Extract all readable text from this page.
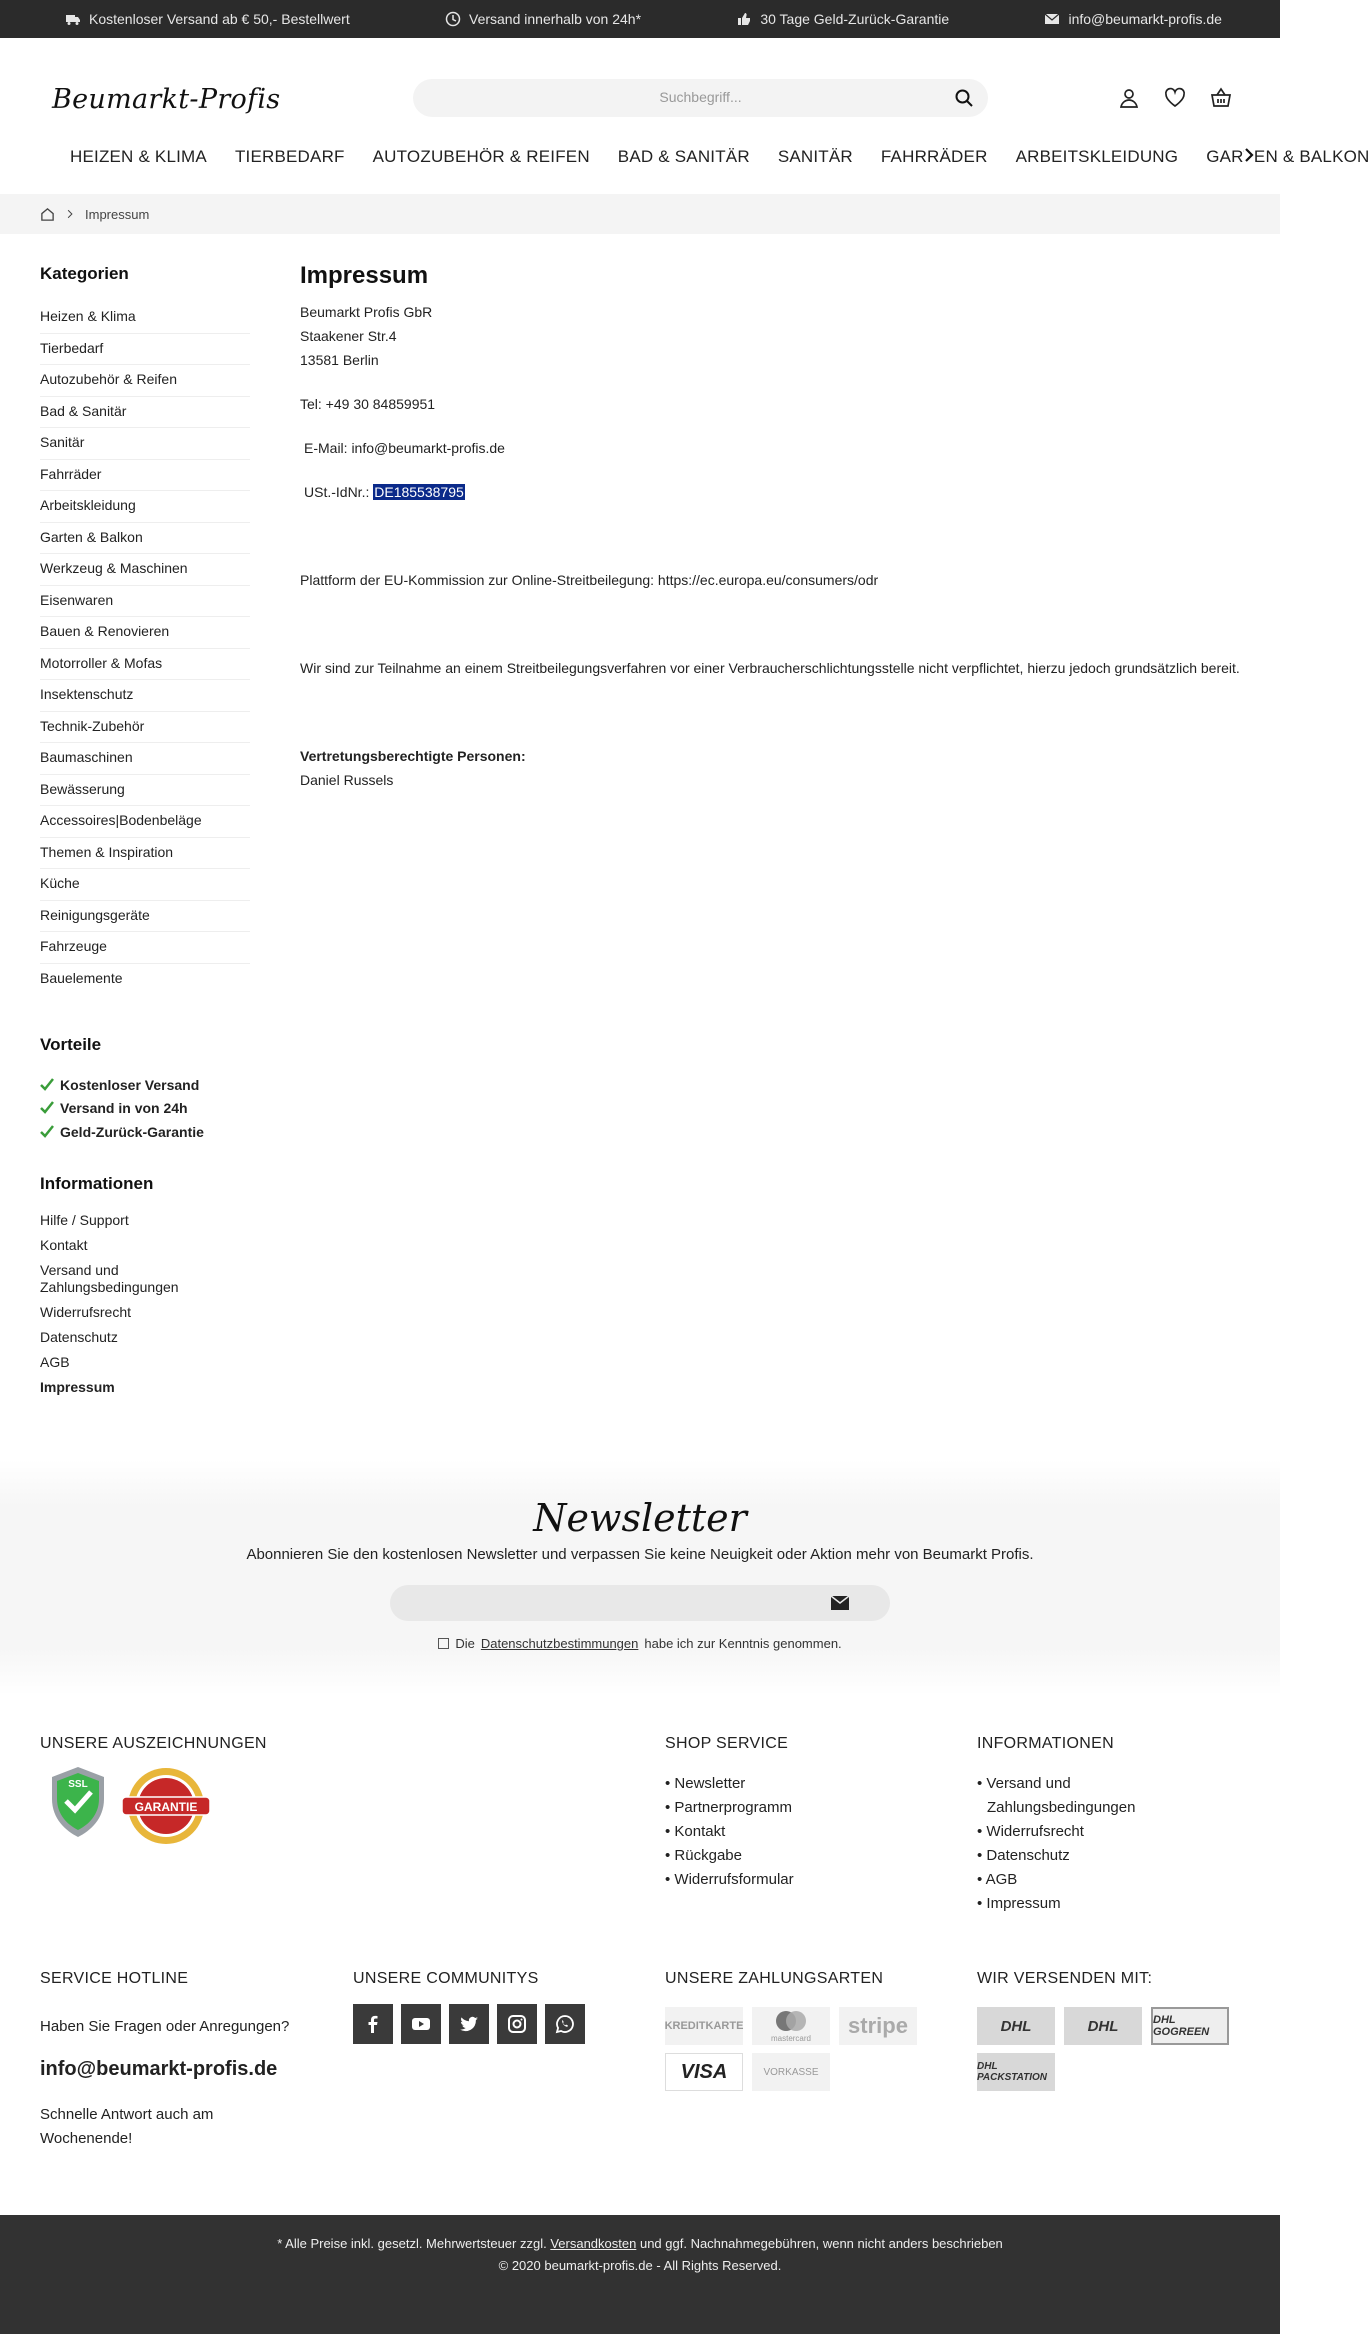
Kostenloser Versand ab € 50,- Bestellwert	Versand innerhalb von 24h*	30 Tage Geld-Zurück-Garantie	info@beumarkt-profis.de
Beumarkt-Profis	Suchbegriff...
HEIZEN & KLIMA TIERBEDARF AUTOZUBEHÖR & REIFEN BAD & SANITÄR SANITÄR FAHRRÄDER ARBEITSKLEIDUNG GARTEN & BALKON
Impressum
Kategorien
Heizen & Klima
Tierbedarf
Autozubehör & Reifen
Bad & Sanitär
Sanitär
Fahrräder
Arbeitskleidung
Garten & Balkon
Werkzeug & Maschinen
Eisenwaren
Bauen & Renovieren
Motorroller & Mofas
Insektenschutz
Technik-Zubehör
Baumaschinen
Bewässerung
Accessoires|Bodenbeläge
Themen & Inspiration
Küche
Reinigungsgeräte
Fahrzeuge
Bauelemente
Vorteile
Kostenloser Versand
Versand in von 24h
Geld-Zurück-Garantie
Informationen
Hilfe / Support
Kontakt
Versand und Zahlungsbedingungen
Widerrufsrecht
Datenschutz
AGB
Impressum
Impressum
Beumarkt Profis GbR
Staakener Str.4
13581 Berlin
Tel: +49 30 84859951
E-Mail: info@beumarkt-profis.de
USt.-IdNr.: DE185538795
Plattform der EU-Kommission zur Online-Streitbeilegung: https://ec.europa.eu/consumers/odr
Wir sind zur Teilnahme an einem Streitbeilegungsverfahren vor einer Verbraucherschlichtungsstelle nicht verpflichtet, hierzu jedoch grundsätzlich bereit.
Vertretungsberechtigte Personen:
Daniel Russels
Newsletter
Abonnieren Sie den kostenlosen Newsletter und verpassen Sie keine Neuigkeit oder Aktion mehr von Beumarkt Profis.
Die Datenschutzbestimmungen habe ich zur Kenntnis genommen.
UNSERE AUSZEICHNUNGEN
SSL
GARANTIE
SHOP SERVICE
• Newsletter
• Partnerprogramm
• Kontakt
• Rückgabe
• Widerrufsformular
INFORMATIONEN
• Versand und Zahlungsbedingungen
• Widerrufsrecht
• Datenschutz
• AGB
• Impressum
SERVICE HOTLINE
Haben Sie Fragen oder Anregungen?
info@beumarkt-profis.de
Schnelle Antwort auch am Wochenende!
UNSERE COMMUNITYS	UNSERE ZAHLUNGSARTEN
KREDITKARTE
mastercard	stripe
VISA	VORKASSE
WIR VERSENDEN MIT:
DHL	DHL	DHL GOGREEN
DHL PACKSTATION
* Alle Preise inkl. gesetzl. Mehrwertsteuer zzgl. Versandkosten und ggf. Nachnahmegebühren, wenn nicht anders beschrieben
© 2020 beumarkt-profis.de - All Rights Reserved.
